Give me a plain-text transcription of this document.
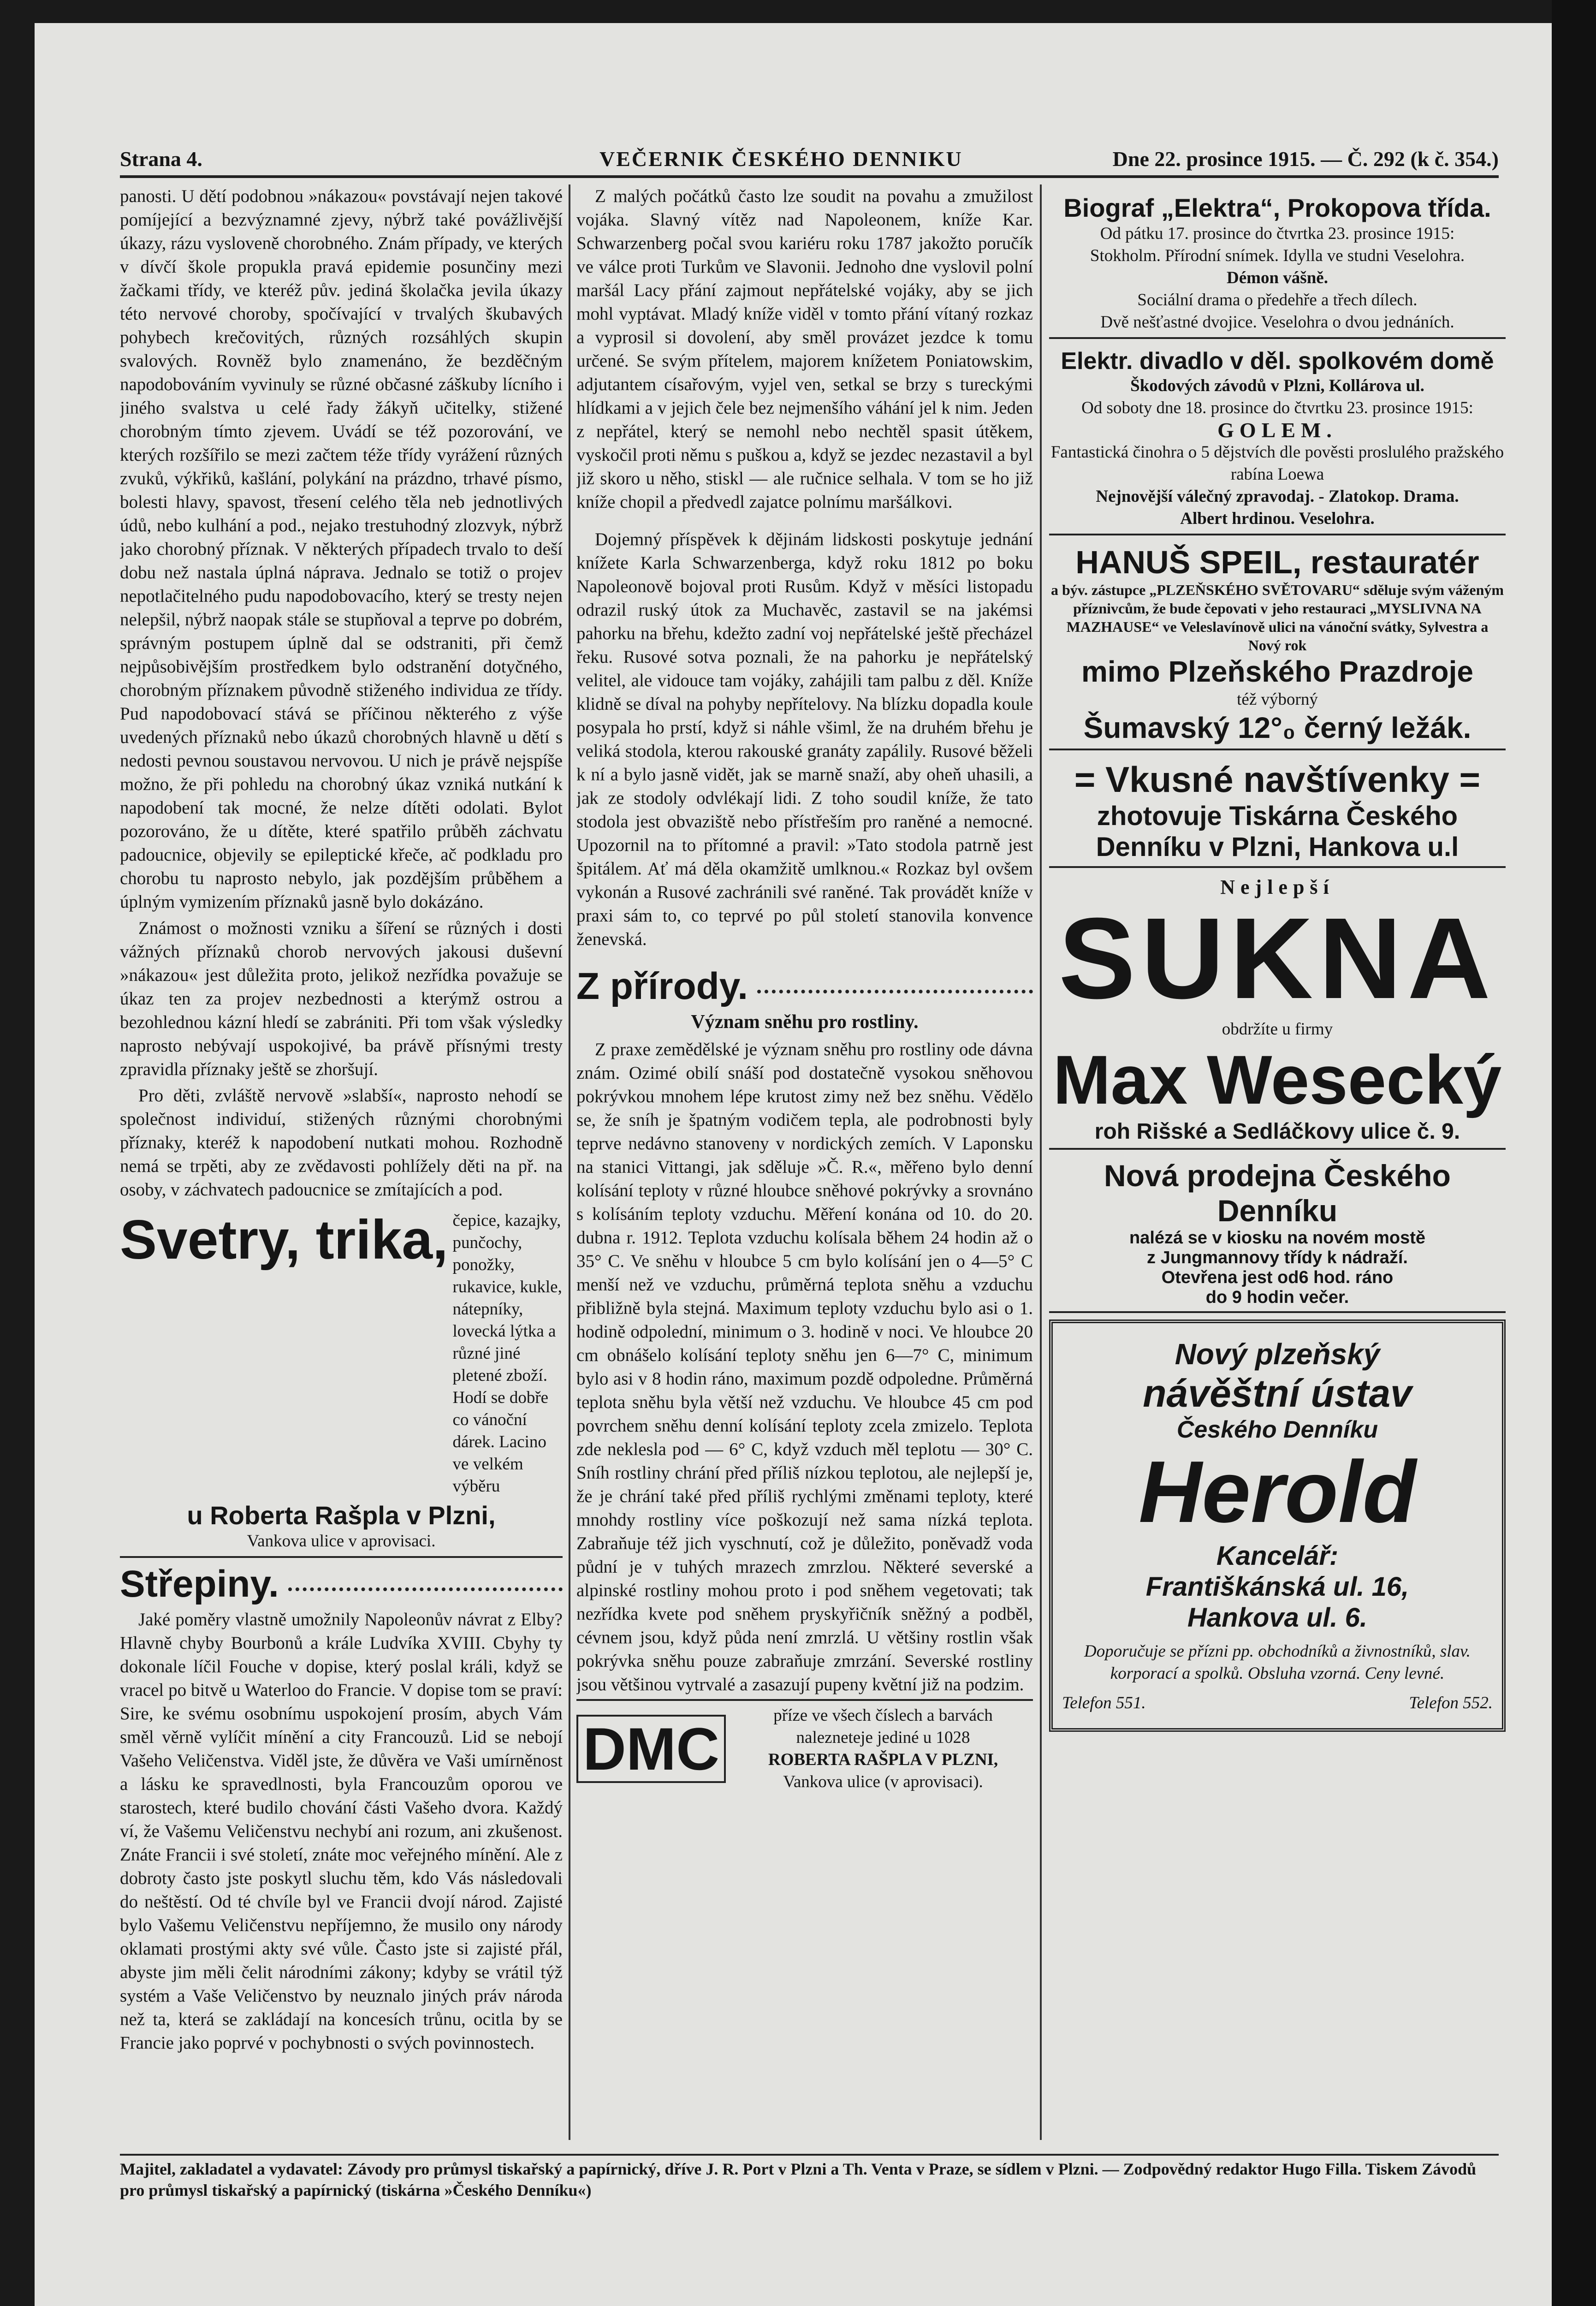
Strana 4.	VEČERNIK ČESKÉHO DENNIKU	Dne 22. prosince 1915. — Č. 292 (k č. 354.)

panosti. U dětí podobnou »nákazou« povstávají nejen takové pomíjející a bezvýznamné zjevy, nýbrž také povážlivější úkazy, rázu vysloveně chorobného. Znám případy, ve kterých v dívčí škole propukla pravá epidemie posunčiny mezi žačkami třídy, ve kteréž pův. jediná školačka jevila úkazy této nervové choroby, spočívající v trvalých škubavých pohybech krečovitých, různých rozsáhlých skupin svalových. Rovněž bylo znamenáno, že bezděčným napodobováním vyvinuly se různé občasné záškuby lícního i jiného svalstva u celé řady žákyň učitelky, stižené chorobným tímto zjevem. Uvádí se též pozorování, ve kterých rozšířilo se mezi začtem téže třídy vyrážení různých zvuků, výkřiků, kašlání, polykání na prázdno, trhavé písmo, bolesti hlavy, spavost, třesení celého těla neb jednotlivých údů, nebo kulhání a pod., nejako trestuhodný zlozvyk, nýbrž jako chorobný příznak. V některých případech trvalo to deší dobu než nastala úplná náprava. Jednalo se totiž o projev nepotlačitelného pudu napodobovacího, který se tresty nejen nelepšil, nýbrž naopak stále se stupňoval a teprve po dobrém, správným postupem úplně dal se odstraniti, při čemž nejpůsobivějším prostředkem bylo odstranění dotyčného, chorobným příznakem původně stiženého individua ze třídy. Pud napodobovací stává se příčinou některého z výše uvedených příznaků nebo úkazů chorobných hlavně u dětí s nedosti pevnou soustavou nervovou. U nich je právě nejspíše možno, že při pohledu na chorobný úkaz vzniká nutkání k napodobení tak mocné, že nelze dítěti odolati. Bylot pozorováno, že u dítěte, které spatřilo průběh záchvatu padoucnice, objevily se epileptické křeče, ač podkladu pro chorobu tu naprosto nebylo, jak pozdějším průběhem a úplným vymizením příznaků jasně bylo dokázáno.

Známost o možnosti vzniku a šíření se různých i dosti vážných příznaků chorob nervových jakousi duševní »nákazou« jest důležita proto, jelikož nezřídka považuje se úkaz ten za projev nezbednosti a kterýmž ostrou a bezohlednou kázní hledí se zabrániti. Při tom však výsledky naprosto nebývají uspokojivé, ba právě přísnými tresty zpravidla příznaky ještě se zhoršují.

Pro děti, zvláště nervově »slabší«, naprosto nehodí se společnost individuí, stižených různými chorobnými příznaky, kteréž k napodobení nutkati mohou. Rozhodně nemá se trpěti, aby ze zvědavosti pohlížely děti na př. na osoby, v záchvatech padoucnice se zmítajících a pod.

Svetry, trika, čepice, kazajky, punčochy, ponožky, rukavice, kukle, nátepníky, lovecká lýtka a různé jiné pletené zboží. Hodí se dobře co vánoční dárek. Lacino ve velkém výběru
u Roberta Rašpla v Plzni,
Vankova ulice v aprovisaci.
Střepiny.

Jaké poměry vlastně umožnily Napoleonův návrat z Elby? Hlavně chyby Bourbonů a krále Ludvíka XVIII. Cbyhy ty dokonale líčil Fouche v dopise, který poslal králi, když se vracel po bitvě u Waterloo do Francie. V dopise tom se praví: Sire, ke svému osobnímu uspokojení prosím, abych Vám směl věrně vylíčit mínění a city Francouzů. Lid se nebojí Vašeho Veličenstva. Viděl jste, že důvěra ve Vaši umírněnost a lásku ke spravedlnosti, byla Francouzům oporou ve starostech, které budilo chování části Vašeho dvora. Každý ví, že Vašemu Veličenstvu nechybí ani rozum, ani zkušenost. Znáte Francii i své století, znáte moc veřejného mínění. Ale z dobroty často jste poskytl sluchu těm, kdo Vás následovali do neštěstí. Od té chvíle byl ve Francii dvojí národ. Zajisté bylo Vašemu Veličenstvu nepříjemno, že musilo ony národy oklamati prostými akty své vůle. Často jste si zajisté přál, abyste jim měli čelit národními zákony; kdyby se vrátil týž systém a Vaše Veličenstvo by neuznalo jiných práv národa než ta, která se zakládají na koncesích trůnu, ocitla by se Francie jako poprvé v pochybnosti o svých povinnostech.

Z malých počátků často lze soudit na povahu a zmužilost vojáka. Slavný vítěz nad Napoleonem, kníže Kar. Schwarzenberg počal svou kariéru roku 1787 jakožto poručík ve válce proti Turkům ve Slavonii. Jednoho dne vyslovil polní maršál Lacy přání zajmout nepřátelské vojáky, aby se jich mohl vyptávat. Mladý kníže viděl v tomto přání vítaný rozkaz a vyprosil si dovolení, aby směl provázet jezdce k tomu určené. Se svým přítelem, majorem knížetem Poniatowskim, adjutantem císařovým, vyjel ven, setkal se brzy s tureckými hlídkami a v jejich čele bez nejmenšího váhání jel k nim. Jeden z nepřátel, který se nemohl nebo nechtěl spasit útěkem, vyskočil proti němu s puškou a, když se jezdec nezastavil a byl již skoro u něho, stiskl — ale ručnice selhala. V tom se ho již kníže chopil a předvedl zajatce polnímu maršálkovi.

Dojemný příspěvek k dějinám lidskosti poskytuje jednání knížete Karla Schwarzenberga, když roku 1812 po boku Napoleonově bojoval proti Rusům. Když v měsíci listopadu odrazil ruský útok za Muchavěc, zastavil se na jakémsi pahorku na břehu, kdežto zadní voj nepřátelské ještě přecházel řeku. Rusové sotva poznali, že na pahorku je nepřátelský velitel, ale vidouce tam vojáky, zahájili tam palbu z děl. Kníže klidně se díval na pohyby nepřítelovy. Na blízku dopadla koule posypala ho prstí, když si náhle všiml, že na druhém břehu je veliká stodola, kterou rakouské granáty zapálily. Rusové běželi k ní a bylo jasně vidět, jak se marně snaží, aby oheň uhasili, a jak ze stodoly odvlékají lidi. Z toho soudil kníže, že tato stodola jest obvaziště nebo přístřeším pro raněné a nemocné. Upozornil na to přítomné a pravil: »Tato stodola patrně jest špitálem. Ať má děla okamžitě umlknou.« Rozkaz byl ovšem vykonán a Rusové zachránili své raněné. Tak provádět kníže v praxi sám to, co teprvé po půl století stanovila konvence ženevská.

Z přírody.
Význam sněhu pro rostliny.

Z praxe zemědělské je význam sněhu pro rostliny ode dávna znám. Ozimé obilí snáší pod dostatečně vysokou sněhovou pokrývkou mnohem lépe krutost zimy než bez sněhu. Vědělo se, že sníh je špatným vodičem tepla, ale podrobnosti byly teprve nedávno stanoveny v nordických zemích. V Laponsku na stanici Vittangi, jak sděluje »Č. R.«, měřeno bylo denní kolísání teploty v různé hloubce sněhové pokrývky a srovnáno s kolísáním teploty vzduchu. Měření konána od 10. do 20. dubna r. 1912. Teplota vzduchu kolísala během 24 hodin až o 35° C. Ve sněhu v hloubce 5 cm bylo kolísání jen o 4—5° C menší než ve vzduchu, průměrná teplota sněhu a vzduchu přibližně byla stejná. Maximum teploty vzduchu bylo asi o 1. hodině odpolední, minimum o 3. hodině v noci. Ve hloubce 20 cm obnášelo kolísání teploty sněhu jen 6—7° C, minimum bylo asi v 8 hodin ráno, maximum pozdě odpoledne. Průměrná teplota sněhu byla větší než vzduchu. Ve hloubce 45 cm pod povrchem sněhu denní kolísání teploty zcela zmizelo. Teplota zde neklesla pod — 6° C, když vzduch měl teplotu — 30° C. Sníh rostliny chrání před příliš nízkou teplotou, ale nejlepší je, že je chrání také před příliš rychlými změnami teploty, které mnohdy rostliny více poškozují než sama nízká teplota. Zabraňuje též jich vyschnutí, což je důležito, poněvadž voda půdní je v tuhých mrazech zmrzlou. Některé severské a alpinské rostliny mohou proto i pod sněhem vegetovati; tak nezřídka kvete pod sněhem pryskyřičník sněžný a podběl, cévnem jsou, když půda není zmrzlá. U většiny rostlin však pokrývka sněhu pouze zabraňuje zmrzání. Severské rostliny jsou většinou vytrvalé a zasazují pupeny květní již na podzim.

DMC	příze ve všech číslech a barvách
nalezneteje jediné u 1028
ROBERTA RAŠPLA V PLZNI,
Vankova ulice (v aprovisaci).
Biograf „Elektra“, Prokopova třída.
Od pátku 17. prosince do čtvrtka 23. prosince 1915:
Stokholm. Přírodní snímek. Idylla ve studni Veselohra.
Démon vášně.
Sociální drama o předehře a třech dílech.
Dvě nešťastné dvojice. Veselohra o dvou jednáních.
Elektr. divadlo v děl. spolkovém domě
Škodových závodů v Plzni, Kollárova ul.
Od soboty dne 18. prosince do čtvrtku 23. prosince 1915:
GOLEM.
Fantastická činohra o 5 dějstvích dle pověsti proslulého pražského rabína Loewa
Nejnovější válečný zpravodaj. - Zlatokop. Drama.
Albert hrdinou. Veselohra.
HANUŠ SPEIL, restauratér
a býv. zástupce „PLZEŇSKÉHO SVĚTOVARU“ sděluje svým váženým příznivcům, že bude čepovati v jeho restauraci „MYSLIVNA NA MAZHAUSE“ ve Veleslavínově ulici na vánoční svátky, Sylvestra a Nový rok
mimo Plzeňského Prazdroje
též výborný
Šumavský 12°₀ černý ležák.
= Vkusné navštívenky =
zhotovuje Tiskárna Českého
Denníku v Plzni, Hankova u.l
Nejlepší
SUKNA
obdržíte u firmy
Max Wesecký
roh Rišské a Sedláčkovy ulice č. 9.
Nová prodejna Českého Denníku
nalézá se v kiosku na novém mostě
z Jungmannovy třídy k nádraží.
Otevřena jest od6 hod. ráno
do 9 hodin večer.
Nový plzeňský
návěštní ústav
Českého Denníku
Herold
Kancelář:
Františkánská ul. 16,
Hankova ul. 6.
Doporučuje se přízni pp. obchodníků a živnostníků, slav. korporací a spolků. Obsluha vzorná. Ceny levné.
Telefon 551.	Telefon 552.
Majitel, zakladatel a vydavatel: Závody pro průmysl tiskařský a papírnický, dříve J. R. Port v Plzni a Th. Venta v Praze, se sídlem v Plzni. — Zodpovědný redaktor Hugo Filla. Tiskem Závodů pro průmysl tiskařský a papírnický (tiskárna »Českého Denníku«)
